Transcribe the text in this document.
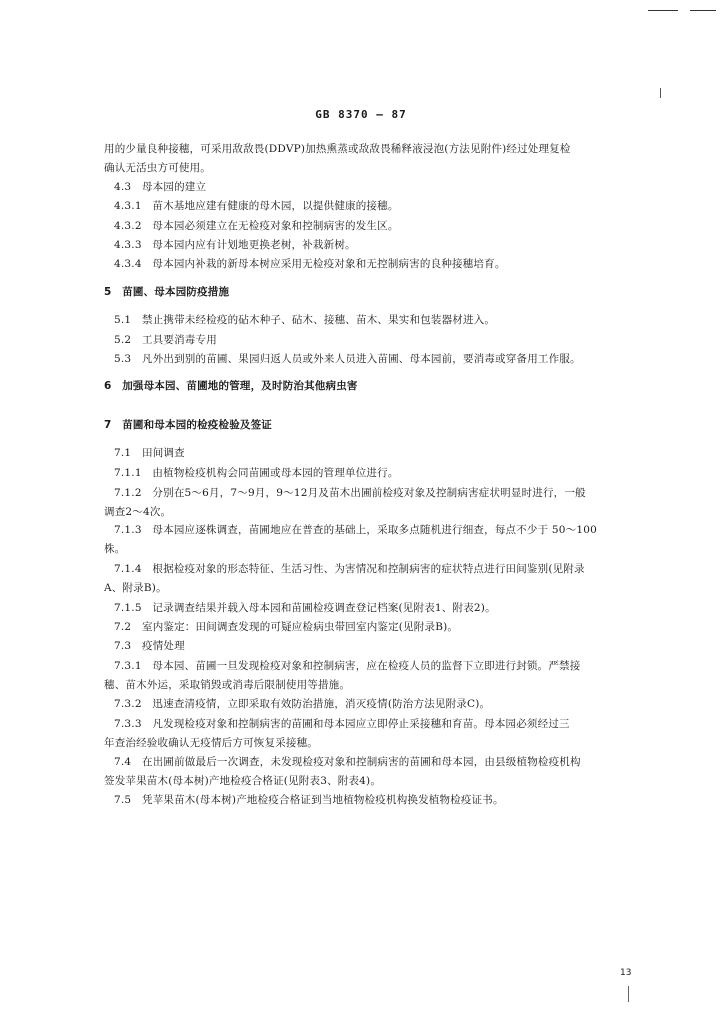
GB 8370 — 87
用的少量良种接穗，可采用敌敌畏(DDVP)加热熏蒸或敌敌畏稀释液浸泡(方法见附件)经过处理复检
确认无活虫方可使用。
4.3　母本园的建立
4.3.1　苗木基地应建有健康的母木园，以提供健康的接穗。
4.3.2　母本园必须建立在无检疫对象和控制病害的发生区。
4.3.3　母本园内应有计划地更换老树，补栽新树。
4.3.4　母本园内补栽的新母本树应采用无检疫对象和无控制病害的良种接穗培育。
5　苗圃、母本园防疫措施
5.1　禁止携带未经检疫的砧木种子、砧木、接穗、苗木、果实和包装器材进入。
5.2　工具要消毒专用
5.3　凡外出到别的苗圃、果园归返人员或外来人员进入苗圃、母本园前，要消毒或穿备用工作服。
6　加强母本园、苗圃地的管理，及时防治其他病虫害
7　苗圃和母本园的检疫检验及签证
7.1　田间调查
7.1.1　由植物检疫机构会同苗圃或母本园的管理单位进行。
7.1.2　分别在5～6月，7～9月，9～12月及苗木出圃前检疫对象及控制病害症状明显时进行，一般
调查2～4次。
7.1.3　母本园应逐株调查，苗圃地应在普查的基础上，采取多点随机进行细查，每点不少于 50～100
株。
7.1.4　根据检疫对象的形态特征、生活习性、为害情况和控制病害的症状特点进行田间鉴别(见附录
A、附录B)。
7.1.5　记录调查结果并载入母本园和苗圃检疫调查登记档案(见附表1、附表2)。
7.2　室内鉴定：田间调查发现的可疑应检病虫带回室内鉴定(见附录B)。
7.3　疫情处理
7.3.1　母本园、苗圃一旦发现检疫对象和控制病害，应在检疫人员的监督下立即进行封锁。严禁接
穗、苗木外运，采取销毁或消毒后限制使用等措施。
7.3.2　迅速查清疫情，立即采取有效防治措施，消灭疫情(防治方法见附录C)。
7.3.3　凡发现检疫对象和控制病害的苗圃和母本园应立即停止采接穗和育苗。母本园必须经过三
年查治经验收确认无疫情后方可恢复采接穗。
7.4　在出圃前做最后一次调查，未发现检疫对象和控制病害的苗圃和母本园，由县级植物检疫机构
签发苹果苗木(母本树)产地检疫合格证(见附表3、附表4)。
7.5　凭苹果苗木(母本树)产地检疫合格证到当地植物检疫机构换发植物检疫证书。
13
